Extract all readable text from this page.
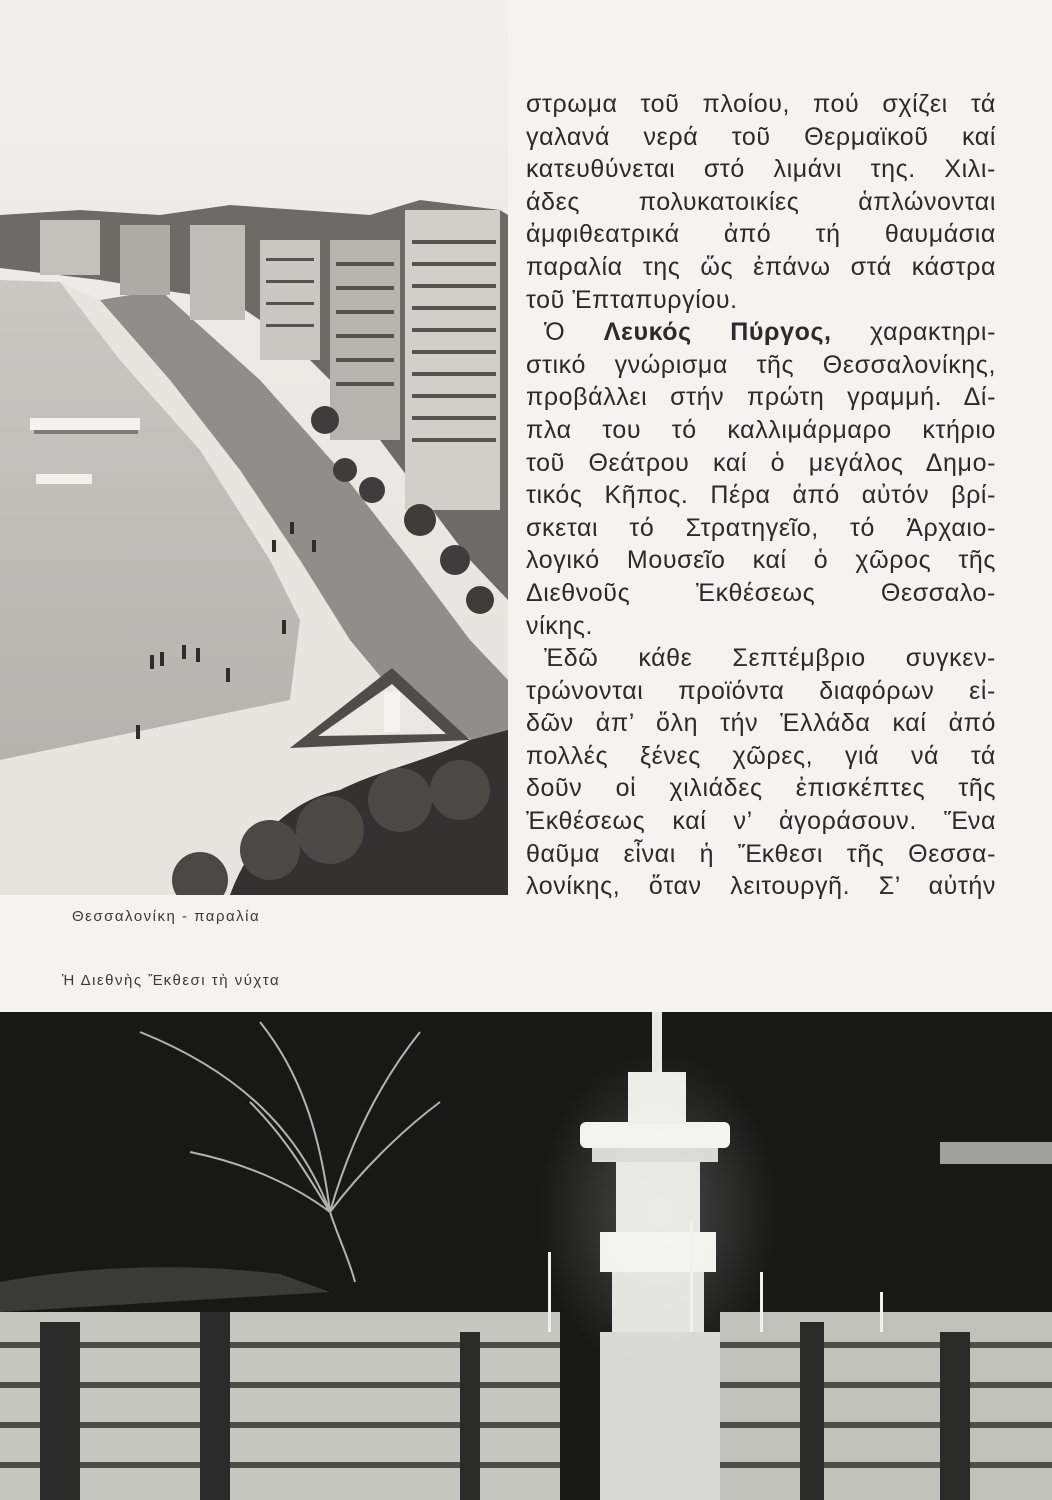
Θεσσαλονίκη - παραλία
Ἡ Διεθνὴς Ἔκθεσι τὴ νύχτα
στρωμα τοῦ πλοίου, πού σχίζει τά
γαλανά νερά τοῦ Θερμαϊκοῦ καί
κατευθύνεται στό λιμάνι της. Χιλι-
άδες πολυκατοικίες ἁπλώνονται
ἀμφιθεατρικά ἀπό τή θαυμάσια
παραλία της ὥς ἐπάνω στά κάστρα
τοῦ Ἑπταπυργίου.
Ὁ Λευκός Πύργος, χαρακτηρι-
στικό γνώρισμα τῆς Θεσσαλονίκης,
προβάλλει στήν πρώτη γραμμή. Δί-
πλα του τό καλλιμάρμαρο κτήριο
τοῦ Θεάτρου καί ὁ μεγάλος Δημο-
τικός Κῆπος. Πέρα ἀπό αὐτόν βρί-
σκεται τό Στρατηγεῖο, τό Ἀρχαιο-
λογικό Μουσεῖο καί ὁ χῶρος τῆς
Διεθνοῦς Ἐκθέσεως Θεσσαλο-
νίκης.
Ἐδῶ κάθε Σεπτέμβριο συγκεν-
τρώνονται προϊόντα διαφόρων εἰ-
δῶν ἀπ’ ὅλη τήν Ἑλλάδα καί ἀπό
πολλές ξένες χῶρες, γιά νά τά
δοῦν οἱ χιλιάδες ἐπισκέπτες τῆς
Ἐκθέσεως καί ν’ ἀγοράσουν. Ἕνα
θαῦμα εἶναι ἡ Ἔκθεσι τῆς Θεσσα-
λονίκης, ὅταν λειτουργῆ. Σ’ αὐτήν
